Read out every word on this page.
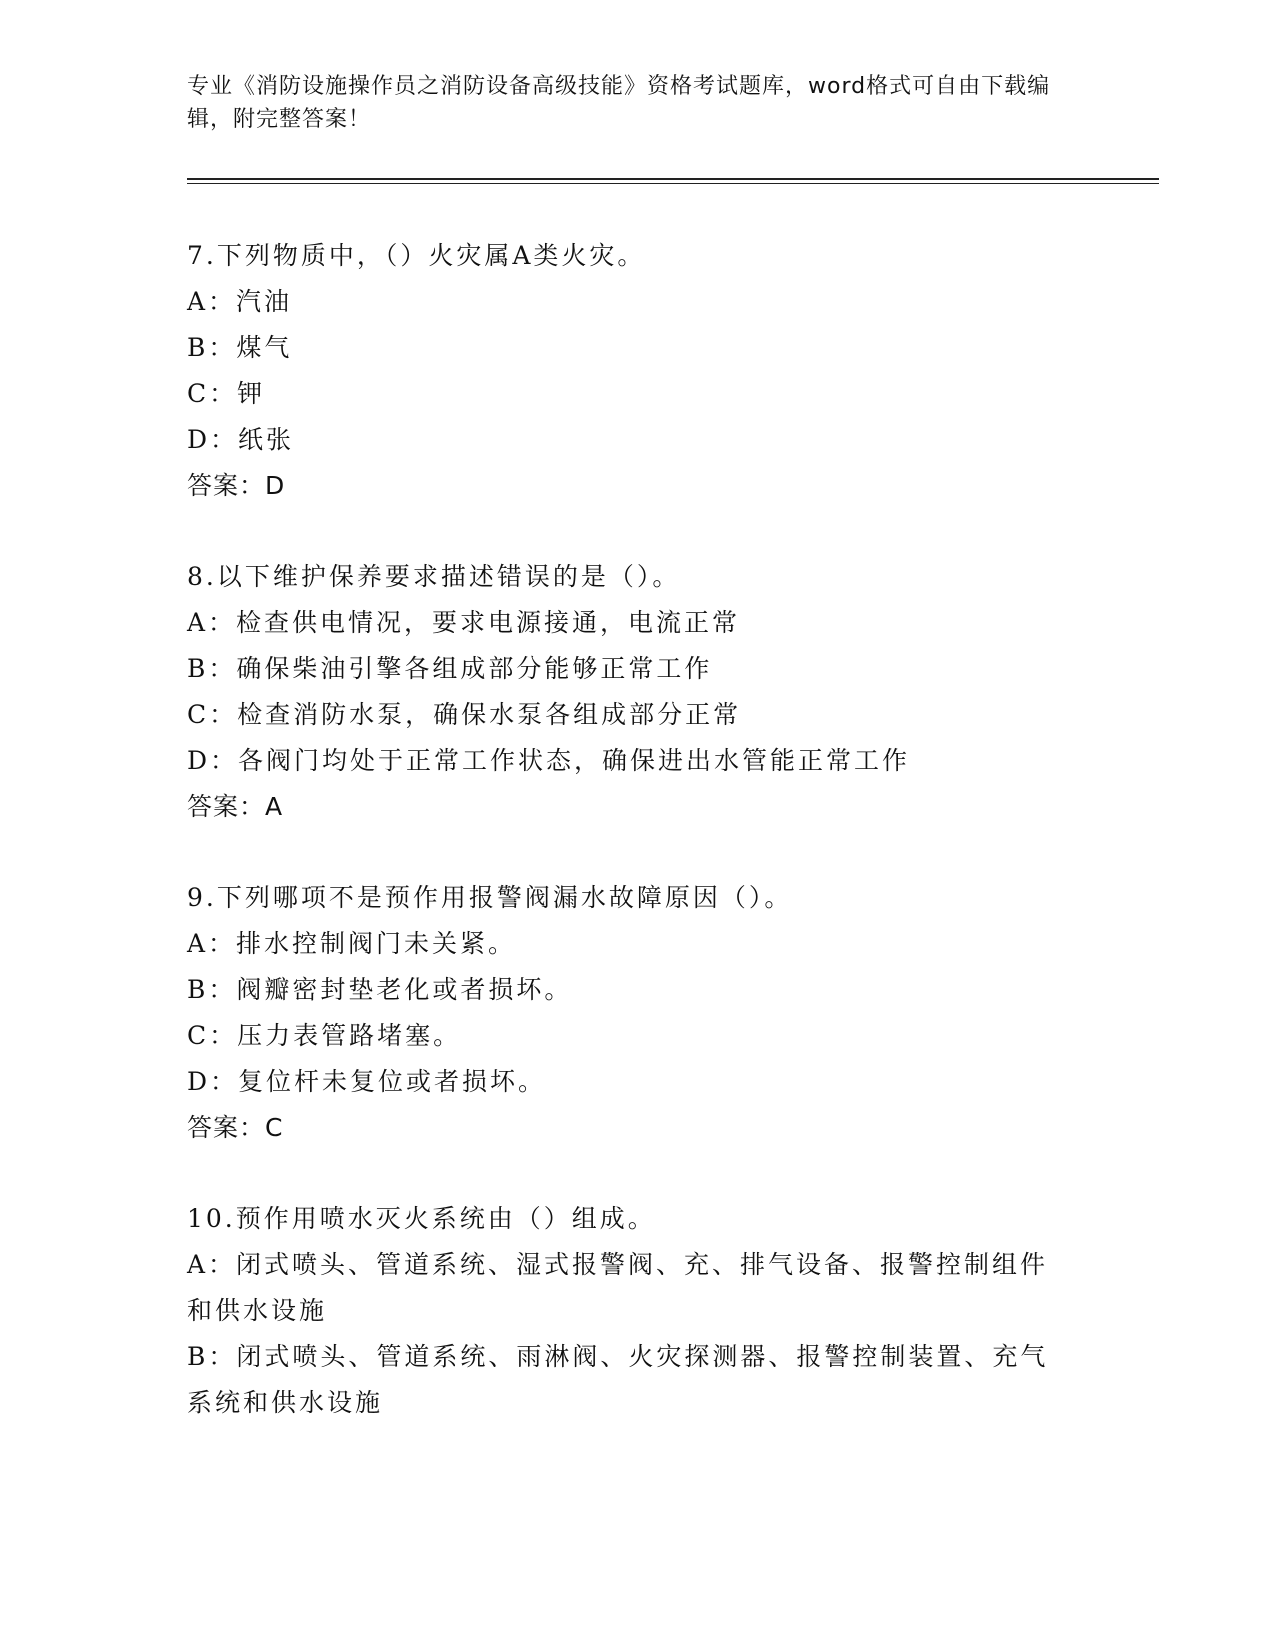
专业《消防设施操作员之消防设备高级技能》资格考试题库，word格式可自由下载编辑，附完整答案！
7.下列物质中，（）火灾属A类火灾。
A：汽油
B：煤气
C：钾
D：纸张
答案：D
8.以下维护保养要求描述错误的是（）。
A：检查供电情况，要求电源接通，电流正常
B：确保柴油引擎各组成部分能够正常工作
C：检查消防水泵，确保水泵各组成部分正常
D：各阀门均处于正常工作状态，确保进出水管能正常工作
答案：A
9.下列哪项不是预作用报警阀漏水故障原因（）。
A：排水控制阀门未关紧。
B：阀瓣密封垫老化或者损坏。
C：压力表管路堵塞。
D：复位杆未复位或者损坏。
答案：C
10.预作用喷水灭火系统由（）组成。
A：闭式喷头、管道系统、湿式报警阀、充、排气设备、报警控制组件和供水设施
B：闭式喷头、管道系统、雨淋阀、火灾探测器、报警控制装置、充气系统和供水设施
